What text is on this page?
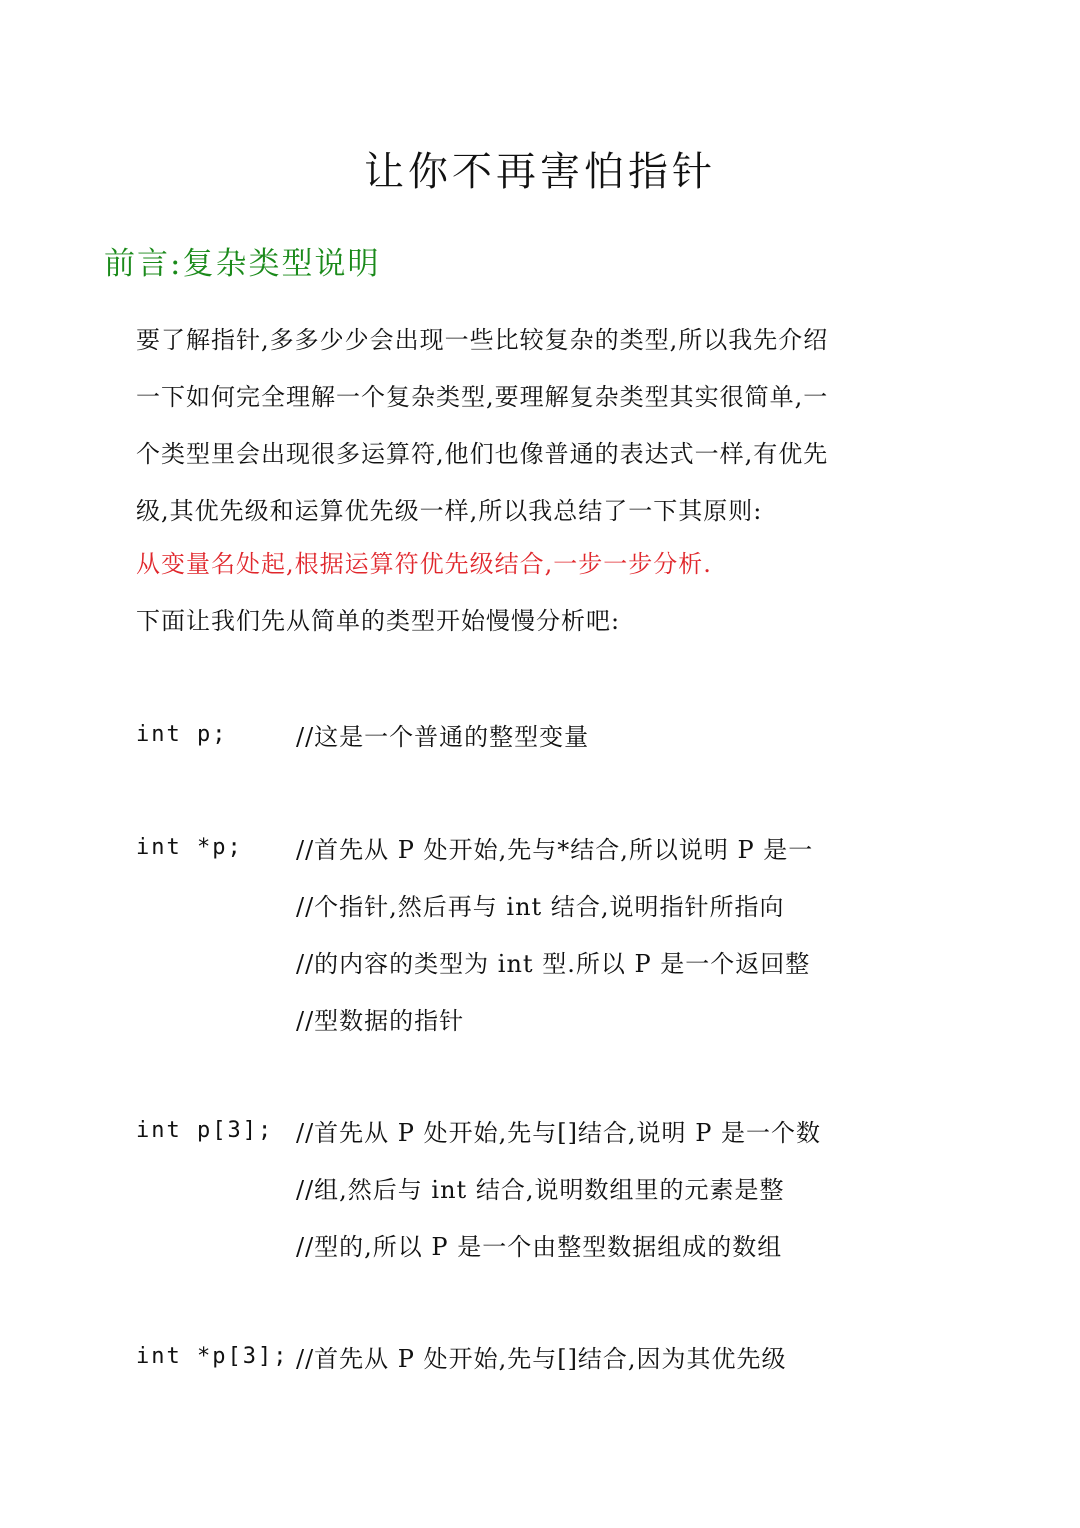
让你不再害怕指针
前言:复杂类型说明
要了解指针,多多少少会出现一些比较复杂的类型,所以我先介绍
一下如何完全理解一个复杂类型,要理解复杂类型其实很简单,一
个类型里会出现很多运算符,他们也像普通的表达式一样,有优先
级,其优先级和运算优先级一样,所以我总结了一下其原则:
从变量名处起,根据运算符优先级结合,一步一步分析.
下面让我们先从简单的类型开始慢慢分析吧:
int p;	//这是一个普通的整型变量
int *p; //首先从 P 处开始,先与*结合,所以说明 P 是一
//个指针,然后再与 int 结合,说明指针所指向
//的内容的类型为 int 型.所以 P 是一个返回整
//型数据的指针
int p[3]; //首先从 P 处开始,先与[]结合,说明 P 是一个数
//组,然后与 int 结合,说明数组里的元素是整
//型的,所以 P 是一个由整型数据组成的数组
int *p[3]; //首先从 P 处开始,先与[]结合,因为其优先级
